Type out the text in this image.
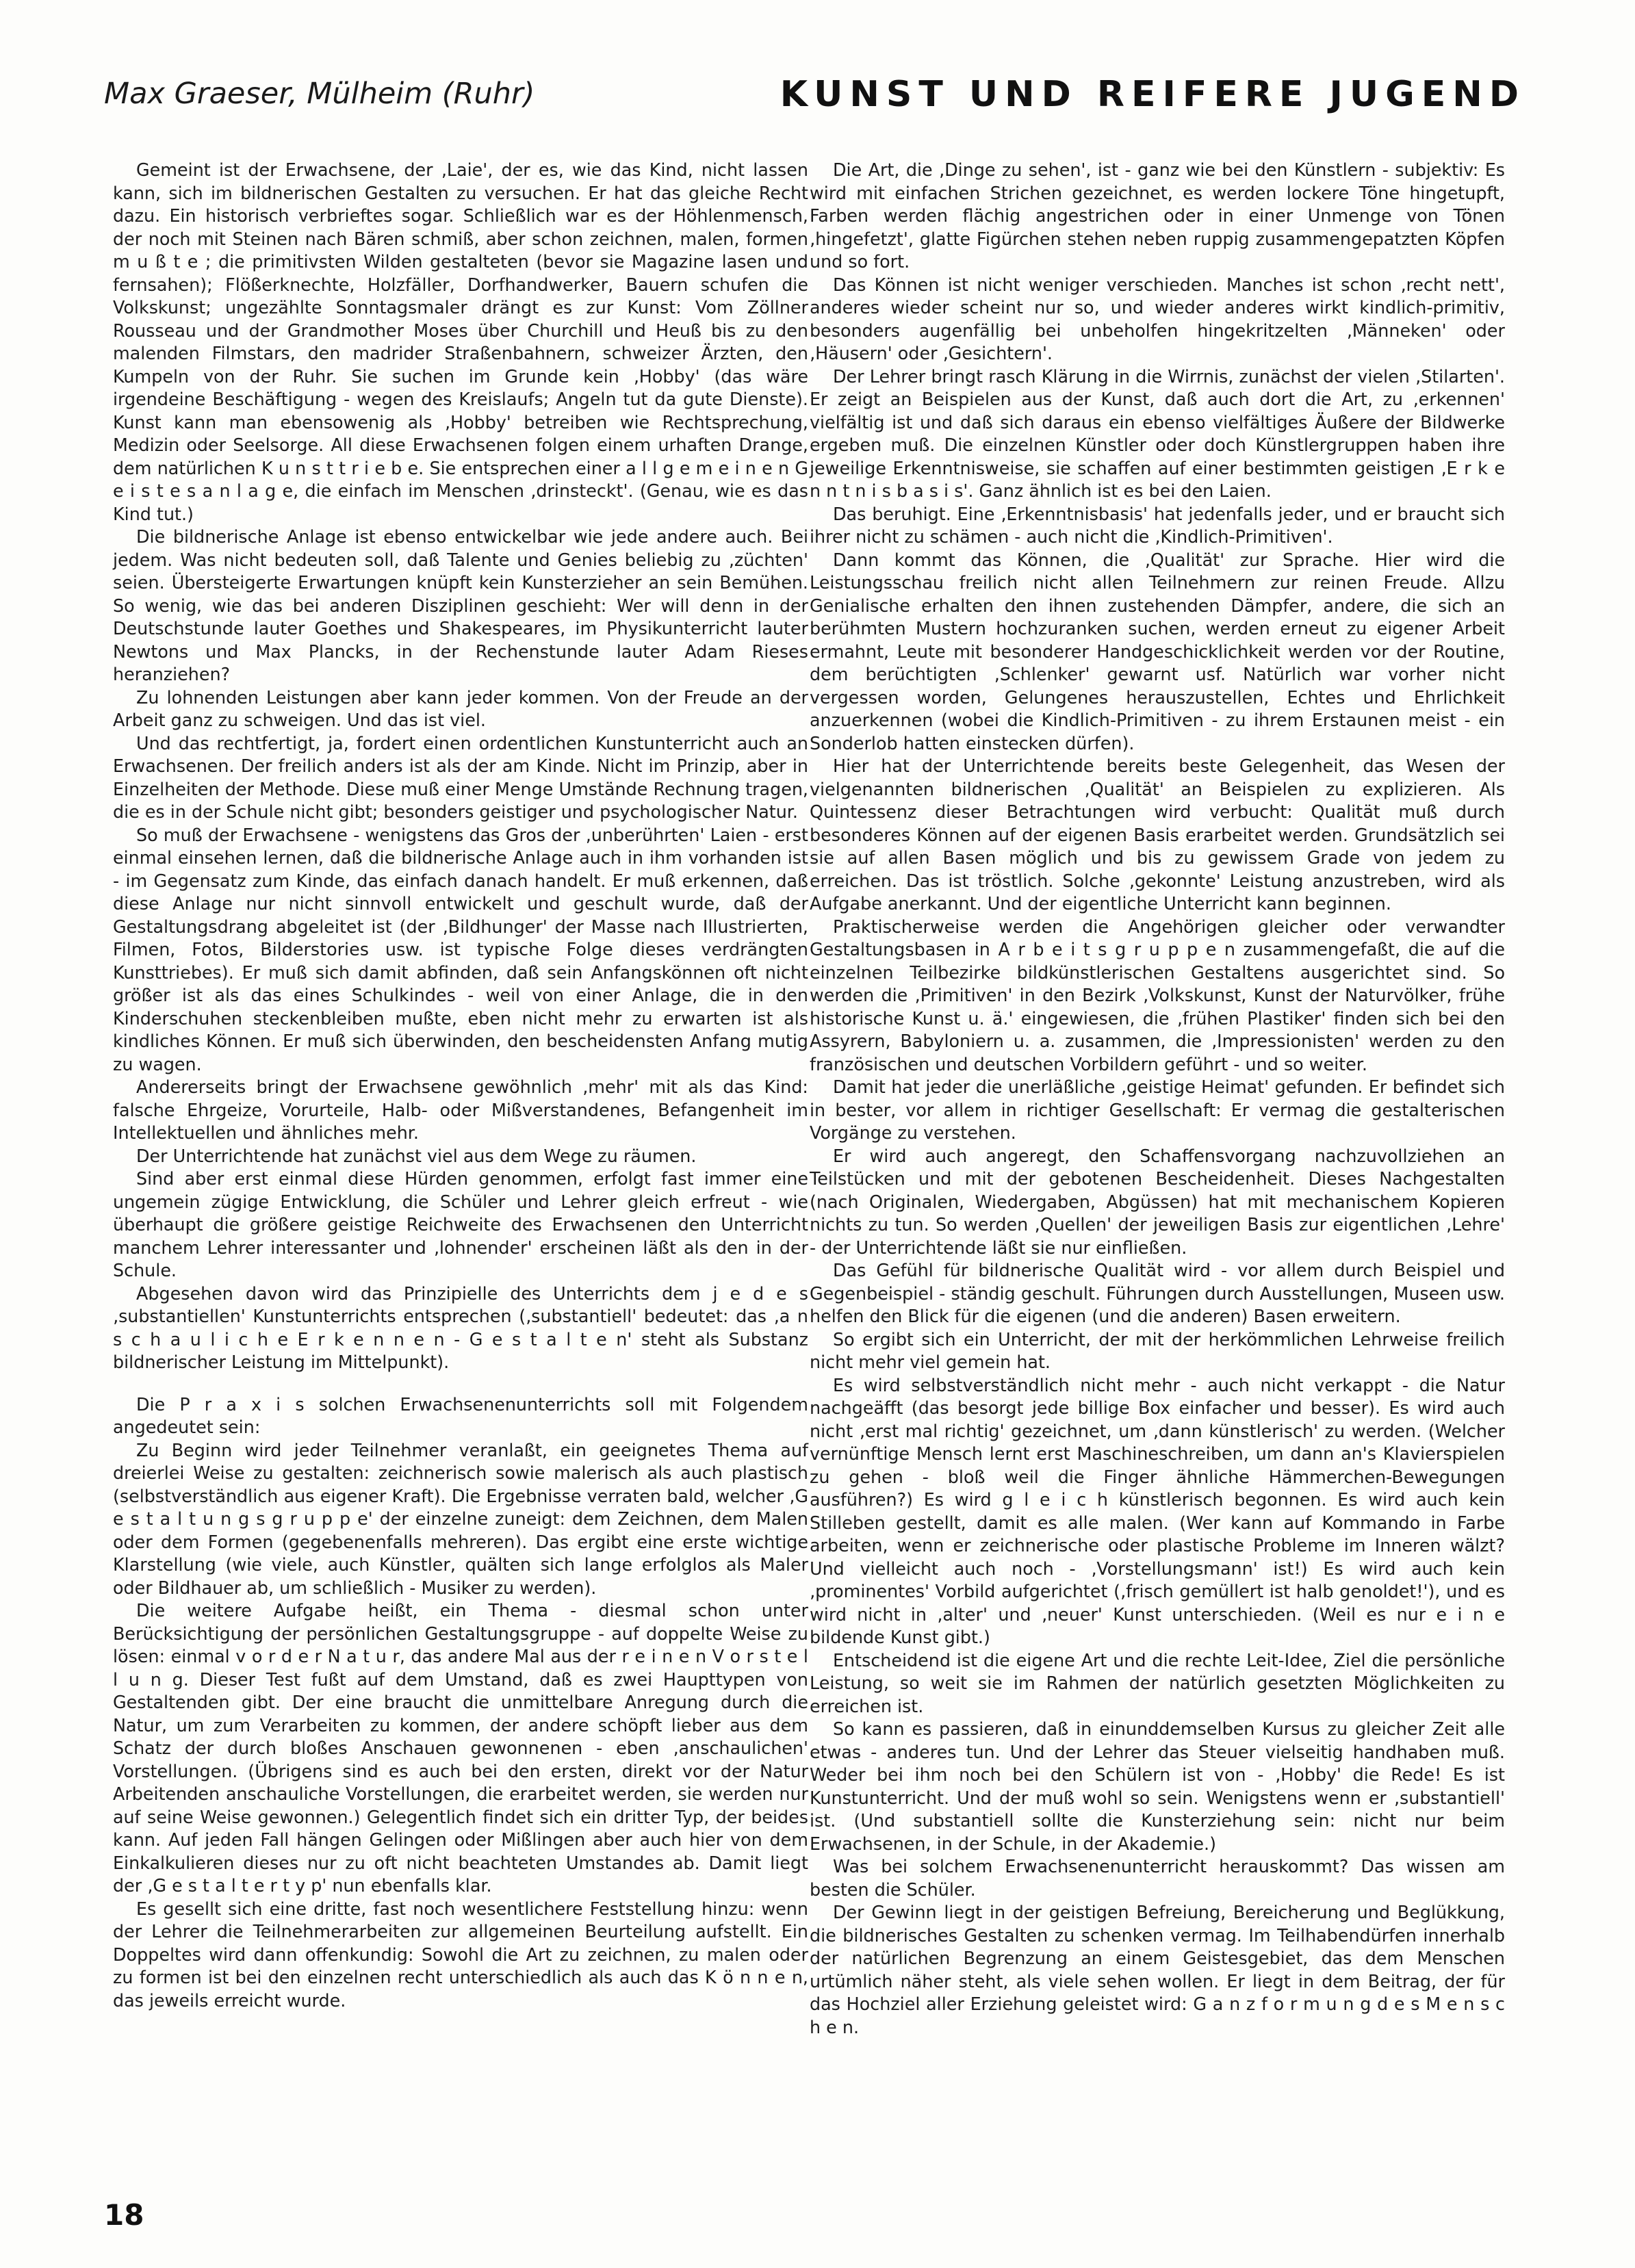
Max Graeser, Mülheim (Ruhr)	KUNST UND REIFERE JUGEND

Gemeint ist der Erwachsene, der ‚Laie', der es, wie das Kind, nicht lassen kann, sich im bildnerischen Gestalten zu versuchen. Er hat das gleiche Recht dazu. Ein historisch verbrieftes sogar. Schließlich war es der Höhlenmensch, der noch mit Steinen nach Bären schmiß, aber schon zeichnen, malen, formen m u ß t e ; die primitivsten Wilden gestalteten (bevor sie Magazine lasen und fernsahen); Flößerknechte, Holzfäller, Dorfhandwerker, Bauern schufen die Volkskunst; ungezählte Sonntagsmaler drängt es zur Kunst: Vom Zöllner Rousseau und der Grandmother Moses über Churchill und Heuß bis zu den malenden Filmstars, den madrider Straßenbahnern, schweizer Ärzten, den Kumpeln von der Ruhr. Sie suchen im Grunde kein ‚Hobby' (das wäre irgendeine Beschäftigung - wegen des Kreislaufs; Angeln tut da gute Dienste). Kunst kann man ebensowenig als ‚Hobby' betreiben wie Rechtsprechung, Medizin oder Seelsorge. All diese Erwachsenen folgen einem urhaften Drange, dem natürlichen K u n s t t r i e b e. Sie entsprechen einer a l l g e m e i n e n G e i s t e s a n l a g e, die einfach im Menschen ‚drinsteckt'. (Genau, wie es das Kind tut.)

Die bildnerische Anlage ist ebenso entwickelbar wie jede andere auch. Bei jedem. Was nicht bedeuten soll, daß Talente und Genies beliebig zu ‚züchten' seien. Übersteigerte Erwartungen knüpft kein Kunsterzieher an sein Bemühen. So wenig, wie das bei anderen Disziplinen geschieht: Wer will denn in der Deutschstunde lauter Goethes und Shakespeares, im Physikunterricht lauter Newtons und Max Plancks, in der Rechenstunde lauter Adam Rieses heranziehen?

Zu lohnenden Leistungen aber kann jeder kommen. Von der Freude an der Arbeit ganz zu schweigen. Und das ist viel.

Und das rechtfertigt, ja, fordert einen ordentlichen Kunstunterricht auch an Erwachsenen. Der freilich anders ist als der am Kinde. Nicht im Prinzip, aber in Einzelheiten der Methode. Diese muß einer Menge Umstände Rechnung tragen, die es in der Schule nicht gibt; besonders geistiger und psychologischer Natur.

So muß der Erwachsene - wenigstens das Gros der ‚unberührten' Laien - erst einmal einsehen lernen, daß die bildnerische Anlage auch in ihm vorhanden ist - im Gegensatz zum Kinde, das einfach danach handelt. Er muß erkennen, daß diese Anlage nur nicht sinnvoll entwickelt und geschult wurde, daß der Gestaltungsdrang abgeleitet ist (der ‚Bildhunger' der Masse nach Illustrierten, Filmen, Fotos, Bilderstories usw. ist typische Folge dieses verdrängten Kunsttriebes). Er muß sich damit abfinden, daß sein Anfangskönnen oft nicht größer ist als das eines Schulkindes - weil von einer Anlage, die in den Kinderschuhen steckenbleiben mußte, eben nicht mehr zu erwarten ist als kindliches Können. Er muß sich überwinden, den bescheidensten Anfang mutig zu wagen.

Andererseits bringt der Erwachsene gewöhnlich ‚mehr' mit als das Kind: falsche Ehrgeize, Vorurteile, Halb- oder Mißverstandenes, Befangenheit im Intellektuellen und ähnliches mehr.

Der Unterrichtende hat zunächst viel aus dem Wege zu räumen.

Sind aber erst einmal diese Hürden genommen, erfolgt fast immer eine ungemein zügige Entwicklung, die Schüler und Lehrer gleich erfreut - wie überhaupt die größere geistige Reichweite des Erwachsenen den Unterricht manchem Lehrer interessanter und ‚lohnender' erscheinen läßt als den in der Schule.

Abgesehen davon wird das Prinzipielle des Unterrichts dem j e d e s ‚substantiellen' Kunstunterrichts entsprechen (‚substantiell' bedeutet: das ‚a n s c h a u l i c h e E r k e n n e n - G e s t a l t e n' steht als Substanz bildnerischer Leistung im Mittelpunkt).

Die P r a x i s solchen Erwachsenenunterrichts soll mit Folgendem angedeutet sein:

Zu Beginn wird jeder Teilnehmer veranlaßt, ein geeignetes Thema auf dreierlei Weise zu gestalten: zeichnerisch sowie malerisch als auch plastisch (selbstverständlich aus eigener Kraft). Die Ergebnisse verraten bald, welcher ‚G e s t a l t u n g s g r u p p e' der einzelne zuneigt: dem Zeichnen, dem Malen oder dem Formen (gegebenenfalls mehreren). Das ergibt eine erste wichtige Klarstellung (wie viele, auch Künstler, quälten sich lange erfolglos als Maler oder Bildhauer ab, um schließlich - Musiker zu werden).

Die weitere Aufgabe heißt, ein Thema - diesmal schon unter Berücksichtigung der persönlichen Gestaltungsgruppe - auf doppelte Weise zu lösen: einmal v o r d e r N a t u r, das andere Mal aus der r e i n e n V o r s t e l l u n g. Dieser Test fußt auf dem Umstand, daß es zwei Haupttypen von Gestaltenden gibt. Der eine braucht die unmittelbare Anregung durch die Natur, um zum Verarbeiten zu kommen, der andere schöpft lieber aus dem Schatz der durch bloßes Anschauen gewonnenen - eben ‚anschaulichen' Vorstellungen. (Übrigens sind es auch bei den ersten, direkt vor der Natur Arbeitenden anschauliche Vorstellungen, die erarbeitet werden, sie werden nur auf seine Weise gewonnen.) Gelegentlich findet sich ein dritter Typ, der beides kann. Auf jeden Fall hängen Gelingen oder Mißlingen aber auch hier von dem Einkalkulieren dieses nur zu oft nicht beachteten Umstandes ab. Damit liegt der ‚G e s t a l t e r t y p' nun ebenfalls klar.

Es gesellt sich eine dritte, fast noch wesentlichere Feststellung hinzu: wenn der Lehrer die Teilnehmerarbeiten zur allgemeinen Beurteilung aufstellt. Ein Doppeltes wird dann offenkundig: Sowohl die Art zu zeichnen, zu malen oder zu formen ist bei den einzelnen recht unterschiedlich als auch das K ö n n e n, das jeweils erreicht wurde.

Die Art, die ‚Dinge zu sehen', ist - ganz wie bei den Künstlern - subjektiv: Es wird mit einfachen Strichen gezeichnet, es werden lockere Töne hingetupft, Farben werden flächig angestrichen oder in einer Unmenge von Tönen ‚hingefetzt', glatte Figürchen stehen neben ruppig zusammengepatzten Köpfen und so fort.

Das Können ist nicht weniger verschieden. Manches ist schon ‚recht nett', anderes wieder scheint nur so, und wieder anderes wirkt kindlich-primitiv, besonders augenfällig bei unbeholfen hingekritzelten ‚Männeken' oder ‚Häusern' oder ‚Gesichtern'.

Der Lehrer bringt rasch Klärung in die Wirrnis, zunächst der vielen ‚Stilarten'. Er zeigt an Beispielen aus der Kunst, daß auch dort die Art, zu ‚erkennen' vielfältig ist und daß sich daraus ein ebenso vielfältiges Äußere der Bildwerke ergeben muß. Die einzelnen Künstler oder doch Künstlergruppen haben ihre jeweilige Erkenntnisweise, sie schaffen auf einer bestimmten geistigen ‚E r k e n n t n i s b a s i s'. Ganz ähnlich ist es bei den Laien.

Das beruhigt. Eine ‚Erkenntnisbasis' hat jedenfalls jeder, und er braucht sich ihrer nicht zu schämen - auch nicht die ‚Kindlich-Primitiven'.

Dann kommt das Können, die ‚Qualität' zur Sprache. Hier wird die Leistungsschau freilich nicht allen Teilnehmern zur reinen Freude. Allzu Genialische erhalten den ihnen zustehenden Dämpfer, andere, die sich an berühmten Mustern hochzuranken suchen, werden erneut zu eigener Arbeit ermahnt, Leute mit besonderer Handgeschicklichkeit werden vor der Routine, dem berüchtigten ‚Schlenker' gewarnt usf. Natürlich war vorher nicht vergessen worden, Gelungenes herauszustellen, Echtes und Ehrlichkeit anzuerkennen (wobei die Kindlich-Primitiven - zu ihrem Erstaunen meist - ein Sonderlob hatten einstecken dürfen).

Hier hat der Unterrichtende bereits beste Gelegenheit, das Wesen der vielgenannten bildnerischen ‚Qualität' an Beispielen zu explizieren. Als Quintessenz dieser Betrachtungen wird verbucht: Qualität muß durch besonderes Können auf der eigenen Basis erarbeitet werden. Grundsätzlich sei sie auf allen Basen möglich und bis zu gewissem Grade von jedem zu erreichen. Das ist tröstlich. Solche ‚gekonnte' Leistung anzustreben, wird als Aufgabe anerkannt. Und der eigentliche Unterricht kann beginnen.

Praktischerweise werden die Angehörigen gleicher oder verwandter Gestaltungsbasen in A r b e i t s g r u p p e n zusammengefaßt, die auf die einzelnen Teilbezirke bildkünstlerischen Gestaltens ausgerichtet sind. So werden die ‚Primitiven' in den Bezirk ‚Volkskunst, Kunst der Naturvölker, frühe historische Kunst u. ä.' eingewiesen, die ‚frühen Plastiker' finden sich bei den Assyrern, Babyloniern u. a. zusammen, die ‚Impressionisten' werden zu den französischen und deutschen Vorbildern geführt - und so weiter.

Damit hat jeder die unerläßliche ‚geistige Heimat' gefunden. Er befindet sich in bester, vor allem in richtiger Gesellschaft: Er vermag die gestalterischen Vorgänge zu verstehen.

Er wird auch angeregt, den Schaffensvorgang nachzuvollziehen an Teilstücken und mit der gebotenen Bescheidenheit. Dieses Nachgestalten (nach Originalen, Wiedergaben, Abgüssen) hat mit mechanischem Kopieren nichts zu tun. So werden ‚Quellen' der jeweiligen Basis zur eigentlichen ‚Lehre' - der Unterrichtende läßt sie nur einfließen.

Das Gefühl für bildnerische Qualität wird - vor allem durch Beispiel und Gegenbeispiel - ständig geschult. Führungen durch Ausstellungen, Museen usw. helfen den Blick für die eigenen (und die anderen) Basen erweitern.

So ergibt sich ein Unterricht, der mit der herkömmlichen Lehrweise freilich nicht mehr viel gemein hat.

Es wird selbstverständlich nicht mehr - auch nicht verkappt - die Natur nachgeäfft (das besorgt jede billige Box einfacher und besser). Es wird auch nicht ‚erst mal richtig' gezeichnet, um ‚dann künstlerisch' zu werden. (Welcher vernünftige Mensch lernt erst Maschineschreiben, um dann an's Klavierspielen zu gehen - bloß weil die Finger ähnliche Hämmerchen-Bewegungen ausführen?) Es wird g l e i c h künstlerisch begonnen. Es wird auch kein Stilleben gestellt, damit es alle malen. (Wer kann auf Kommando in Farbe arbeiten, wenn er zeichnerische oder plastische Probleme im Inneren wälzt? Und vielleicht auch noch - ‚Vorstellungsmann' ist!) Es wird auch kein ‚prominentes' Vorbild aufgerichtet (‚frisch gemüllert ist halb genoldet!'), und es wird nicht in ‚alter' und ‚neuer' Kunst unterschieden. (Weil es nur e i n e bildende Kunst gibt.)

Entscheidend ist die eigene Art und die rechte Leit-Idee, Ziel die persönliche Leistung, so weit sie im Rahmen der natürlich gesetzten Möglichkeiten zu erreichen ist.

So kann es passieren, daß in einunddemselben Kursus zu gleicher Zeit alle etwas - anderes tun. Und der Lehrer das Steuer vielseitig handhaben muß. Weder bei ihm noch bei den Schülern ist von - ‚Hobby' die Rede! Es ist Kunstunterricht. Und der muß wohl so sein. Wenigstens wenn er ‚substantiell' ist. (Und substantiell sollte die Kunsterziehung sein: nicht nur beim Erwachsenen, in der Schule, in der Akademie.)

Was bei solchem Erwachsenenunterricht herauskommt? Das wissen am besten die Schüler.

Der Gewinn liegt in der geistigen Befreiung, Bereicherung und Beglükkung, die bildnerisches Gestalten zu schenken vermag. Im Teilhabendürfen innerhalb der natürlichen Begrenzung an einem Geistesgebiet, das dem Menschen urtümlich näher steht, als viele sehen wollen. Er liegt in dem Beitrag, der für das Hochziel aller Erziehung geleistet wird: G a n z f o r m u n g d e s M e n s c h e n.

18
